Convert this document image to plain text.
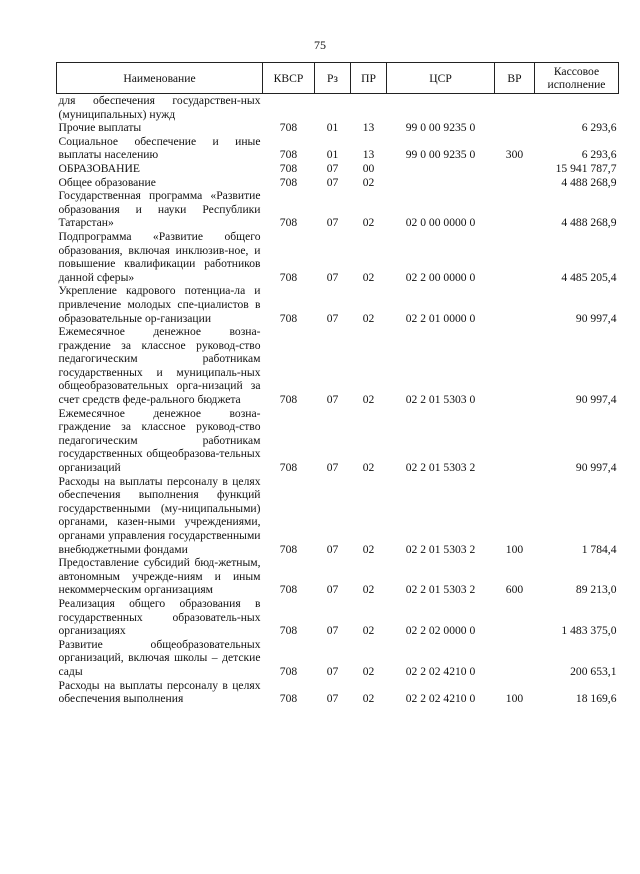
75
Наименование	КВСР	Рз	ПР	ЦСР	ВР	Кассовое исполнение
для обеспечения государствен-ных (муниципальных) нужд						
Прочие выплаты	708	01	13	99 0 00 9235 0		6 293,6
Социальное обеспечение и иные выплаты населению	708	01	13	99 0 00 9235 0	300	6 293,6
ОБРАЗОВАНИЕ	708	07	00			15 941 787,7
Общее образование	708	07	02			4 488 268,9
Государственная программа «Развитие образования и науки Республики Татарстан»	708	07	02	02 0 00 0000 0		4 488 268,9
Подпрограмма «Развитие общего образования, включая инклюзив-ное, и повышение квалификации работников данной сферы»	708	07	02	02 2 00 0000 0		4 485 205,4
Укрепление кадрового потенциа-ла и привлечение молодых спе-циалистов в образовательные ор-ганизации	708	07	02	02 2 01 0000 0		90 997,4
Ежемесячное денежное возна-граждение за классное руковод-ство педагогическим работникам государственных и муниципаль-ных общеобразовательных орга-низаций за счет средств феде-рального бюджета	708	07	02	02 2 01 5303 0		90 997,4
Ежемесячное денежное возна-граждение за классное руковод-ство педагогическим работникам государственных общеобразова-тельных организаций	708	07	02	02 2 01 5303 2		90 997,4
Расходы на выплаты персоналу в целях обеспечения выполнения функций государственными (му-ниципальными) органами, казен-ными учреждениями, органами управления государственными внебюджетными фондами	708	07	02	02 2 01 5303 2	100	1 784,4
Предоставление субсидий бюд-жетным, автономным учрежде-ниям и иным некоммерческим организациям	708	07	02	02 2 01 5303 2	600	89 213,0
Реализация общего образования в государственных образователь-ных организациях	708	07	02	02 2 02 0000 0		1 483 375,0
Развитие общеобразовательных организаций, включая школы – детские сады	708	07	02	02 2 02 4210 0		200 653,1
Расходы на выплаты персоналу в целях обеспечения выполнения	708	07	02	02 2 02 4210 0	100	18 169,6
